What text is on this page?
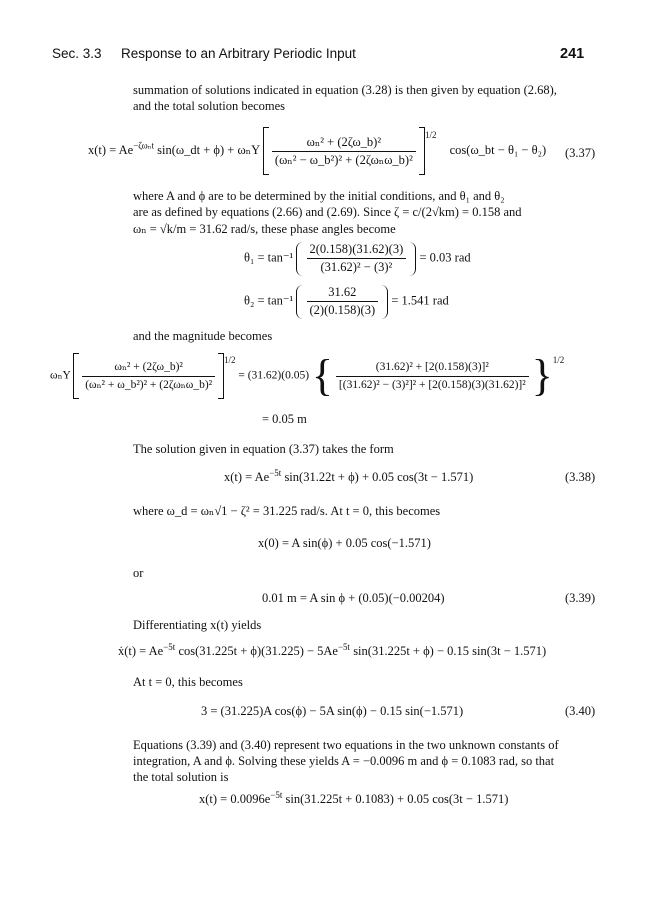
Sec. 3.3 Response to an Arbitrary Periodic Input	241
summation of solutions indicated in equation (3.28) is then given by equation (2.68),
and the total solution becomes
$x(t) = Ae^{-\zeta\omega_nt}$ sin(ω_dt + ϕ) + ωₙY $\frac{\text{ωₙ² + (2ζω\_b)²}}{\text{(ωₙ² − ω\_b²)² + (2ζωₙω\_b)²}} ^{1/2}$ cos(ω_bt − θ₁ − θ₂) (3.37)
where A and ϕ are to be determined by the initial conditions, and θ₁ and θ₂
are as defined by equations (2.66) and (2.69). Since ζ = c/(2√km) = 0.158 and
ωₙ = √k/m = 31.62 rad/s, these phase angles become
$\theta_1 = \tan^{-1} \frac{2(0.158)(31.62)(3)}{\text{(31.62)² − (3)²}} = 0.03$ rad
$\theta_2 = \tan^{-1} \frac{31.62}{(2)(0.158)(3)} = 1.541$ rad
and the magnitude becomes
ωₙY $\frac{\text{ωₙ² + (2ζω\_b)²}}{\text{(ωₙ² + ω\_b²)² + (2ζωₙω\_b)²}} ^{1/2} = (31.62)(0.05)$ { $\frac{\text{(31.62)² + [2(0.158)(3)]²}}{\text{[(31.62)² − (3)²]² + [2(0.158)(3)(31.62)]²}} \}^{1/2}$
= 0.05 m
The solution given in equation (3.37) takes the form
$x(t) = Ae^{-5t}$ sin(31.22t + ϕ) + 0.05 cos(3t − 1.571)	(3.38)
where ω_d = ωₙ√1 − ζ² = 31.225 rad/s. At t = 0, this becomes
x(0) = A sin(ϕ) + 0.05 cos(−1.571)
or
0.01 m = A sin ϕ + (0.05)(−0.00204)	(3.39)
Differentiating x(t) yields
ẋ(t) = $Ae^{-5t}$ $\cos(31.225t + \phi)(31.225) - 5Ae^{-5t}$ sin(31.225t + ϕ) − 0.15 sin(3t − 1.571)
At t = 0, this becomes
3 = (31.225)A cos(ϕ) − 5A sin(ϕ) − 0.15 sin(−1.571)	(3.40)
Equations (3.39) and (3.40) represent two equations in the two unknown constants of
integration, A and ϕ. Solving these yields A = −0.0096 m and ϕ = 0.1083 rad, so that
the total solution is
$x(t) = 0.0096e^{-5t}$ sin(31.225t + 0.1083) + 0.05 cos(3t − 1.571)
